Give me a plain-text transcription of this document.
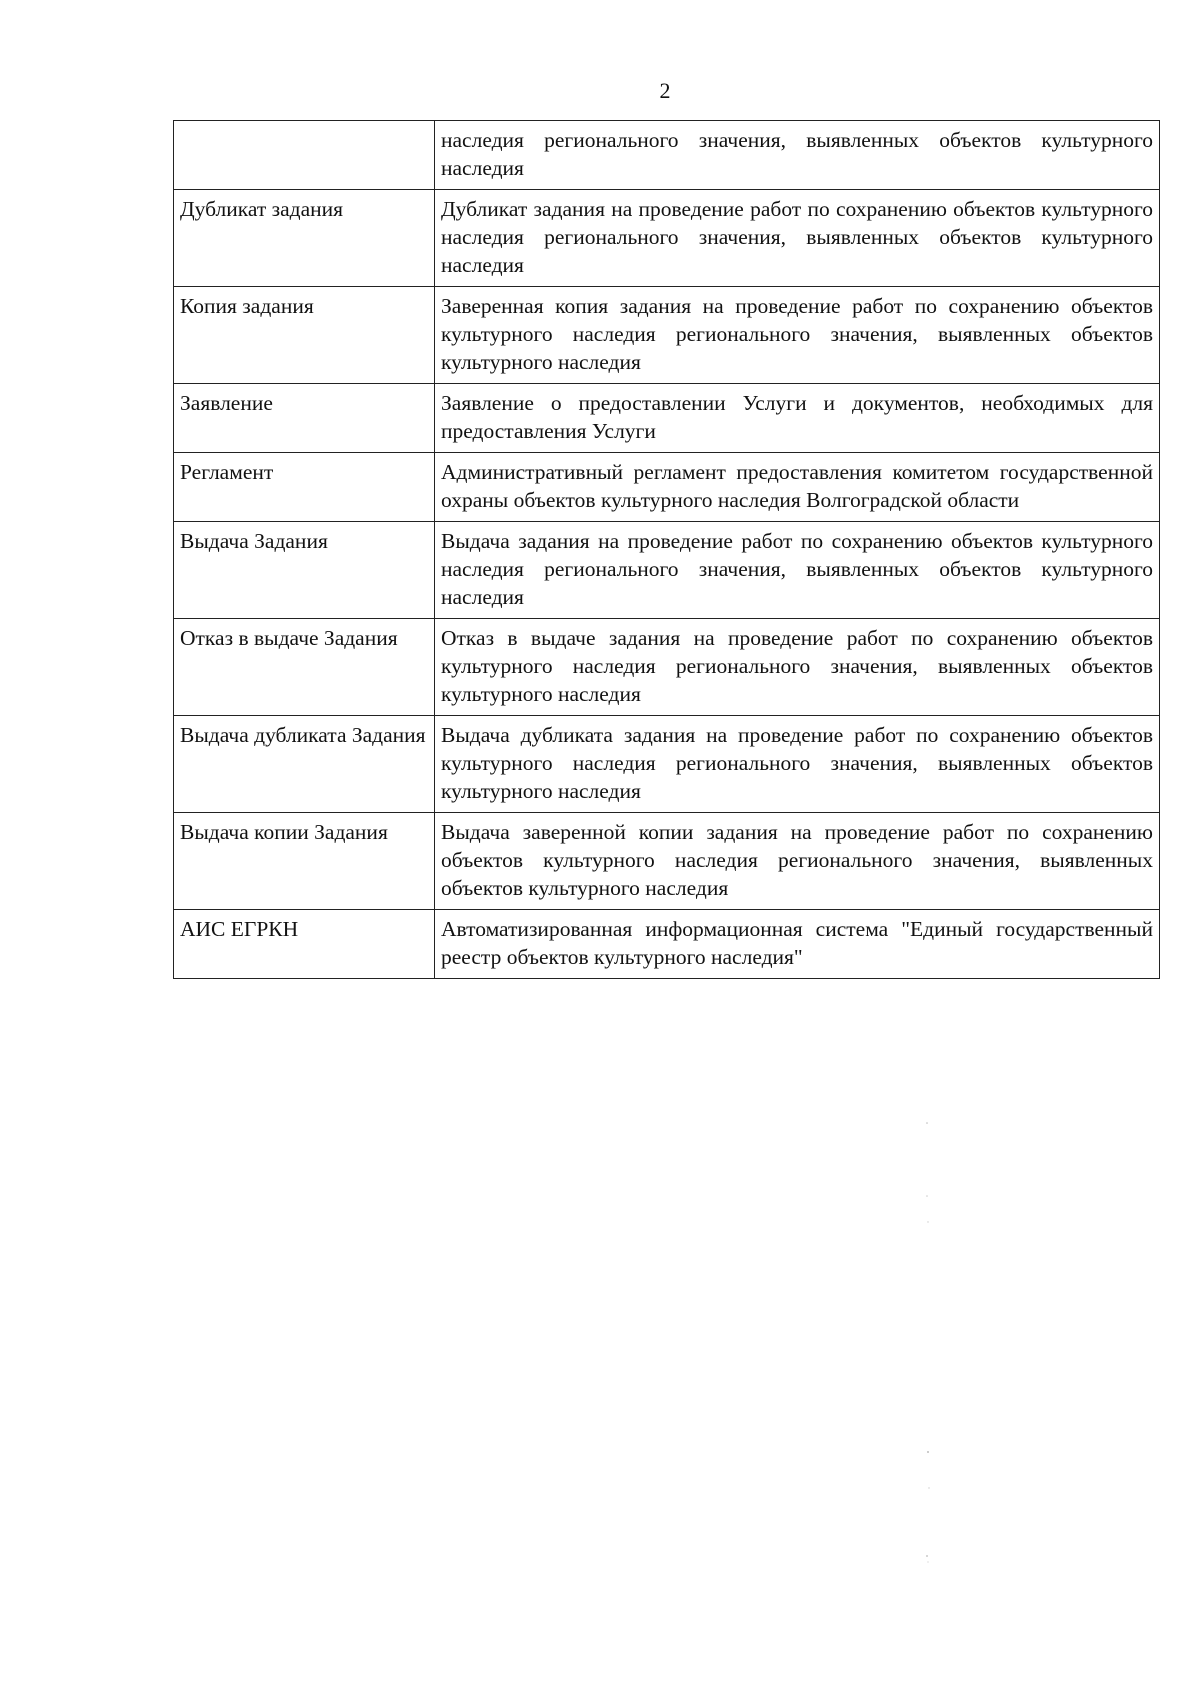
2
	наследия регионального значения, выявленных объектов культурного наследия
Дубликат задания	Дубликат задания на проведение работ по сохранению объектов культурного наследия регионального значения, выявленных объектов культурного наследия
Копия задания	Заверенная копия задания на проведение работ по сохранению объектов культурного наследия регионального значения, выявленных объектов культурного наследия
Заявление	Заявление о предоставлении Услуги и документов, необходимых для предоставления Услуги
Регламент	Административный регламент предоставления комитетом государственной охраны объектов культурного наследия Волгоградской области
Выдача Задания	Выдача задания на проведение работ по сохранению объектов культурного наследия регионального значения, выявленных объектов культурного наследия
Отказ в выдаче Задания	Отказ в выдаче задания на проведение работ по сохранению объектов культурного наследия регионального значения, выявленных объектов культурного наследия
Выдача дубликата Задания	Выдача дубликата задания на проведение работ по сохранению объектов культурного наследия регионального значения, выявленных объектов культурного наследия
Выдача копии Задания	Выдача заверенной копии задания на проведение работ по сохранению объектов культурного наследия регионального значения, выявленных объектов культурного наследия
АИС ЕГРКН	Автоматизированная информационная система "Единый государственный реестр объектов культурного наследия"
